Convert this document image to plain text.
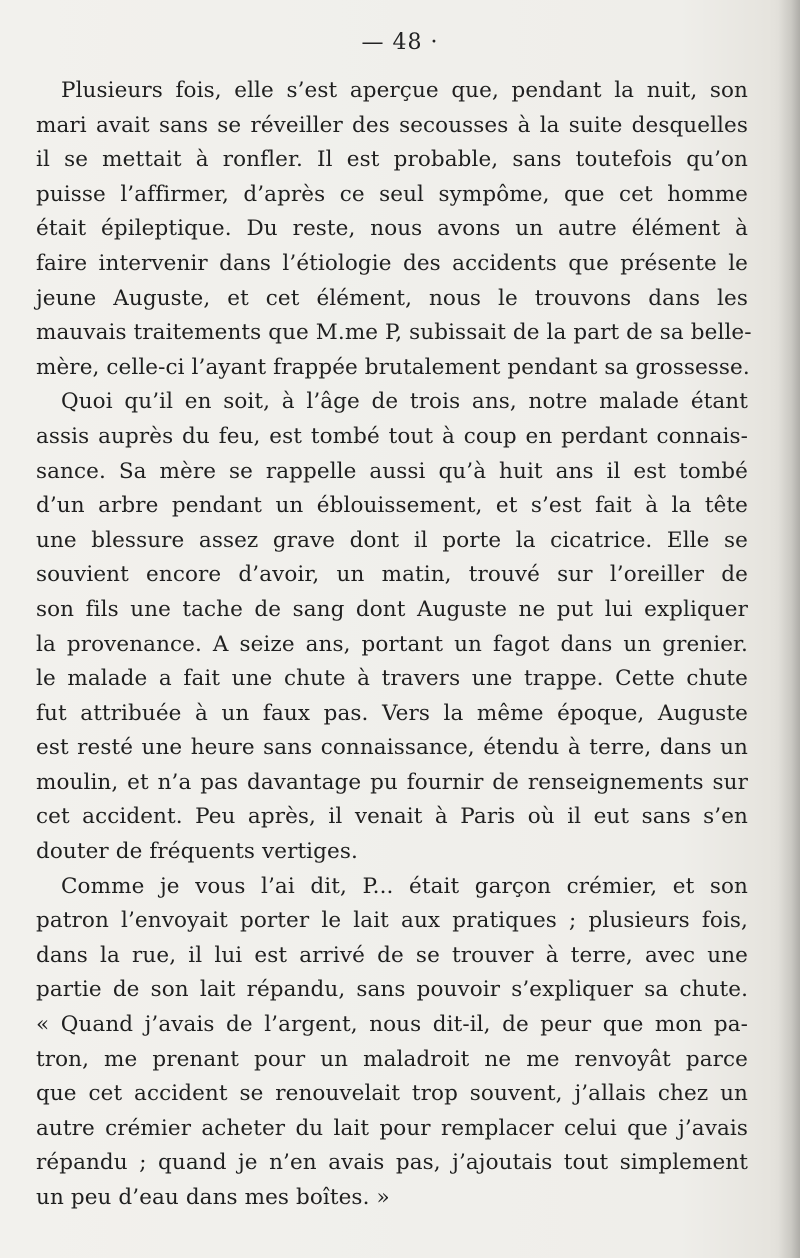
— 48 ·
Plusieurs fois, elle s’est aperçue que, pendant la nuit, son
mari avait sans se réveiller des secousses à la suite desquelles
il se mettait à ronfler. Il est probable, sans toutefois qu’on
puisse l’affirmer, d’après ce seul sympôme, que cet homme
était épileptique. Du reste, nous avons un autre élément à
faire intervenir dans l’étiologie des accidents que présente le
jeune Auguste, et cet élément, nous le trouvons dans les
mauvais traitements que M.me P, subissait de la part de sa belle-
mère, celle-ci l’ayant frappée brutalement pendant sa grossesse.
Quoi qu’il en soit, à l’âge de trois ans, notre malade étant
assis auprès du feu, est tombé tout à coup en perdant connais-
sance. Sa mère se rappelle aussi qu’à huit ans il est tombé
d’un arbre pendant un éblouissement, et s’est fait à la tête
une blessure assez grave dont il porte la cicatrice. Elle se
souvient encore d’avoir, un matin, trouvé sur l’oreiller de
son fils une tache de sang dont Auguste ne put lui expliquer
la provenance. A seize ans, portant un fagot dans un grenier.
le malade a fait une chute à travers une trappe. Cette chute
fut attribuée à un faux pas. Vers la même époque, Auguste
est resté une heure sans connaissance, étendu à terre, dans un
moulin, et n’a pas davantage pu fournir de renseignements sur
cet accident. Peu après, il venait à Paris où il eut sans s’en
douter de fréquents vertiges.
Comme je vous l’ai dit, P... était garçon crémier, et son
patron l’envoyait porter le lait aux pratiques ; plusieurs fois,
dans la rue, il lui est arrivé de se trouver à terre, avec une
partie de son lait répandu, sans pouvoir s’expliquer sa chute.
« Quand j’avais de l’argent, nous dit-il, de peur que mon pa-
tron, me prenant pour un maladroit ne me renvoyât parce
que cet accident se renouvelait trop souvent, j’allais chez un
autre crémier acheter du lait pour remplacer celui que j’avais
répandu ; quand je n’en avais pas, j’ajoutais tout simplement
un peu d’eau dans mes boîtes. »
